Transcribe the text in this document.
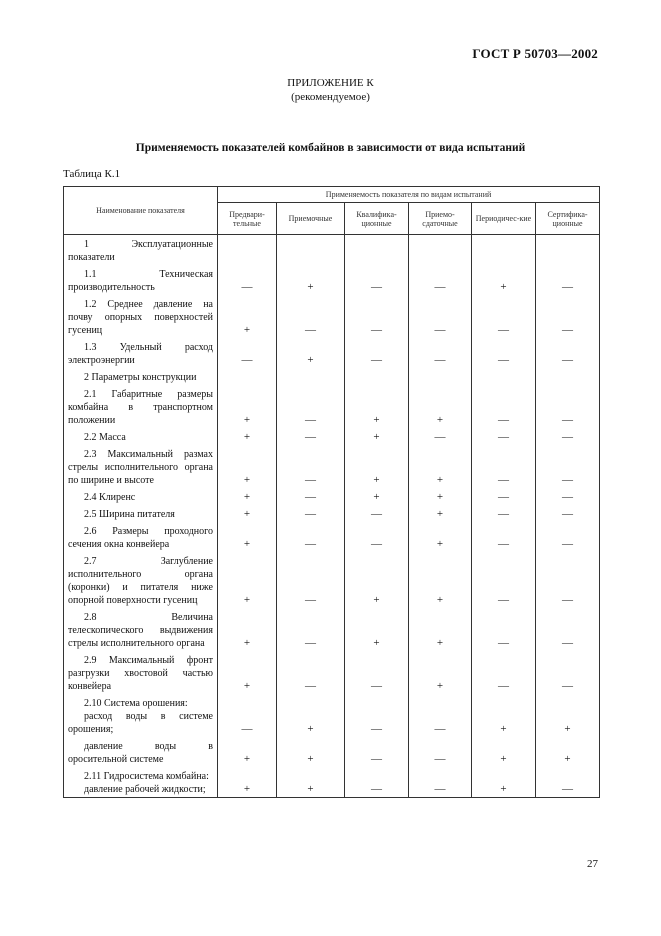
ГОСТ Р 50703—2002
ПРИЛОЖЕНИЕ К
(рекомендуемое)
Применяемость показателей комбайнов в зависимости от вида испытаний
Таблица К.1
Наименование показателя	Применяемость показателя по видам испытаний					
	Предвари-тельные	Приемочные	Квалифика-ционные	Приемо-сдаточные	Периодичес-кие	Сертифика-ционные

1 Эксплуатационные показатели						

1.1 Техническая производительность	—	+	—	—	+	—

1.2 Среднее давление на почву опорных поверхностей гусениц	+	—	—	—	—	—

1.3 Удельный расход электроэнергии	—	+	—	—	—	—

2 Параметры конструкции						

2.1 Габаритные размеры комбайна в транспортном положении	+	—	+	+	—	—

2.2 Масса	+	—	+	—	—	—

2.3 Максимальный размах стрелы исполнительного органа по ширине и высоте	+	—	+	+	—	—

2.4 Клиренс	+	—	+	+	—	—

2.5 Ширина питателя	+	—	—	+	—	—

2.6 Размеры проходного сечения окна конвейера	+	—	—	+	—	—

2.7 Заглубление исполнительного органа (коронки) и питателя ниже опорной поверхности гусениц	+	—	+	+	—	—

2.8 Величина телескопического выдвижения стрелы исполнительного органа	+	—	+	+	—	—

2.9 Максимальный фронт разгрузки хвостовой частью конвейера	+	—	—	+	—	—

2.10 Система орошения:
расход воды в системе орошения;	—	+	—	—	+	+

давление воды в оросительной системе	+	+	—	—	+	+

2.11 Гидросистема комбайна:
давление рабочей жидкости;	+	+	—	—	+	—
27
